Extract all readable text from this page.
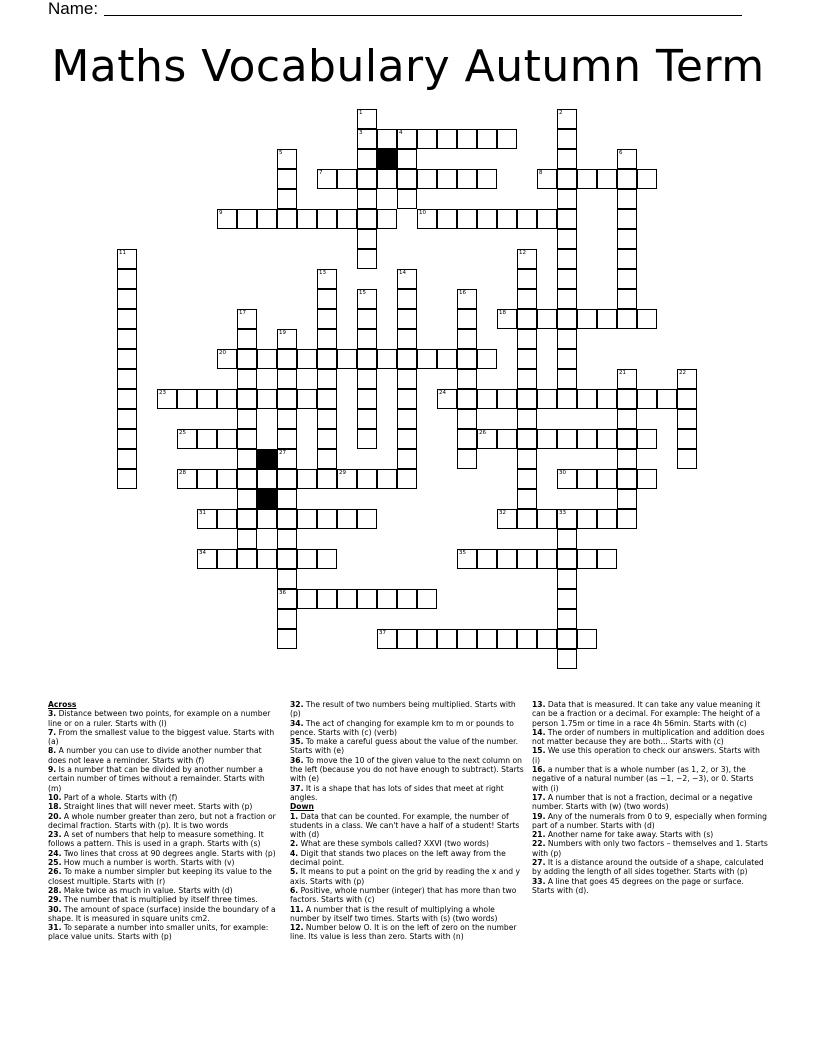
Name:
Maths Vocabulary Autumn Term
3	4
7	8
9	10
18
20
23	24
25	26
28	29	30
31	32	33
34	35
36
37
1	2
5	6
11	12
13	14
15	16
17
19
27
21	22
Across
3. Distance between two points, for example on a number line or on a ruler. Starts with (l)
7. From the smallest value to the biggest value. Starts with (a)
8. A number you can use to divide another number that does not leave a reminder. Starts with (f)
9. Is a number that can be divided by another number a certain number of times without a remainder. Starts with (m)
10. Part of a whole. Starts with (f)
18. Straight lines that will never meet. Starts with (p)
20. A whole number greater than zero, but not a fraction or decimal fraction. Starts with (p). It is two words
23. A set of numbers that help to measure something. It follows a pattern. This is used in a graph. Starts with (s)
24. Two lines that cross at 90 degrees angle. Starts with (p)
25. How much a number is worth. Starts with (v)
26. To make a number simpler but keeping its value to the closest multiple. Starts with (r)
28. Make twice as much in value. Starts with (d)
29. The number that is multiplied by itself three times.
30. The amount of space (surface) inside the boundary of a shape. It is measured in square units cm2.
31. To separate a number into smaller units, for example: place value units. Starts with (p)
32. The result of two numbers being multiplied. Starts with (p)
34. The act of changing for example km to m or pounds to pence. Starts with (c) (verb)
35. To make a careful guess about the value of the number. Starts with (e)
36. To move the 10 of the given value to the next column on the left (because you do not have enough to subtract). Starts with (e)
37. It is a shape that has lots of sides that meet at right angles.
Down
1. Data that can be counted. For example, the number of students in a class. We can't have a half of a student! Starts with (d)
2. What are these symbols called? XXVI (two words)
4. Digit that stands two places on the left away from the decimal point.
5. It means to put a point on the grid by reading the x and y axis. Starts with (p)
6. Positive, whole number (integer) that has more than two factors. Starts with (c)
11. A number that is the result of multiplying a whole number by itself two times. Starts with (s) (two words)
12. Number below O. It is on the left of zero on the number line. Its value is less than zero. Starts with (n)
13. Data that is measured. It can take any value meaning it can be a fraction or a decimal. For example: The height of a person 1.75m or time in a race 4h 56min. Starts with (c)
14. The order of numbers in multiplication and addition does not matter because they are both... Starts with (c)
15. We use this operation to check our answers. Starts with (i)
16. a number that is a whole number (as 1, 2, or 3), the negative of a natural number (as −1, −2, −3), or 0. Starts with (i)
17. A number that is not a fraction, decimal or a negative number. Starts with (w) (two words)
19. Any of the numerals from 0 to 9, especially when forming part of a number. Starts with (d)
21. Another name for take away. Starts with (s)
22. Numbers with only two factors – themselves and 1. Starts with (p)
27. It is a distance around the outside of a shape, calculated by adding the length of all sides together. Starts with (p)
33. A line that goes 45 degrees on the page or surface. Starts with (d).
